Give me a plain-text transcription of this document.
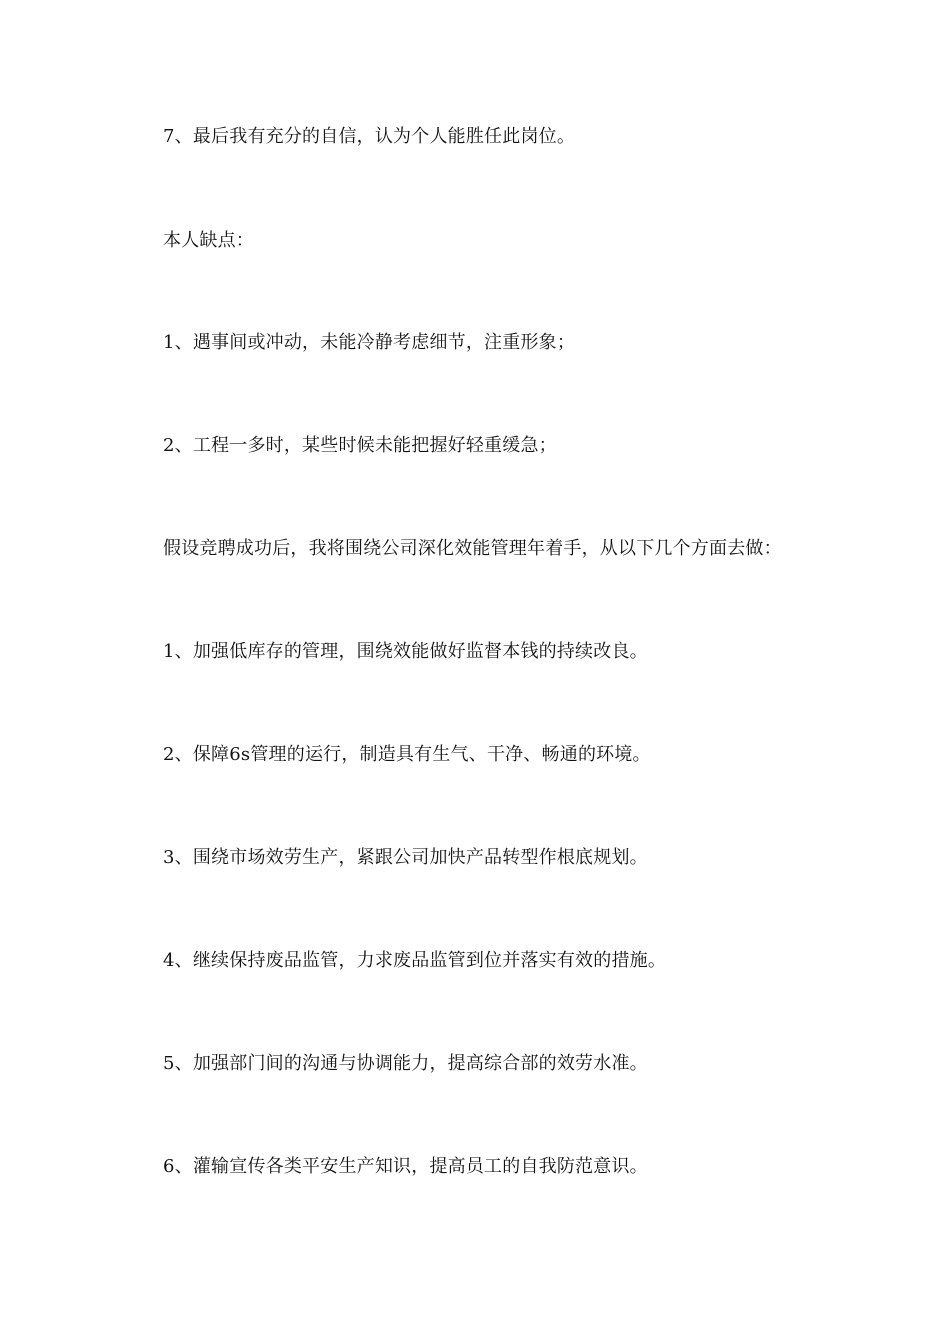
7、最后我有充分的自信，认为个人能胜任此岗位。

本人缺点：

1、遇事间或冲动，未能冷静考虑细节，注重形象；

2、工程一多时，某些时候未能把握好轻重缓急；

假设竞聘成功后，我将围绕公司深化效能管理年着手，从以下几个方面去做：

1、加强低库存的管理，围绕效能做好监督本钱的持续改良。

2、保障6s管理的运行，制造具有生气、干净、畅通的环境。

3、围绕市场效劳生产，紧跟公司加快产品转型作根底规划。

4、继续保持废品监管，力求废品监管到位并落实有效的措施。

5、加强部门间的沟通与协调能力，提高综合部的效劳水准。

6、灌输宣传各类平安生产知识，提高员工的自我防范意识。
